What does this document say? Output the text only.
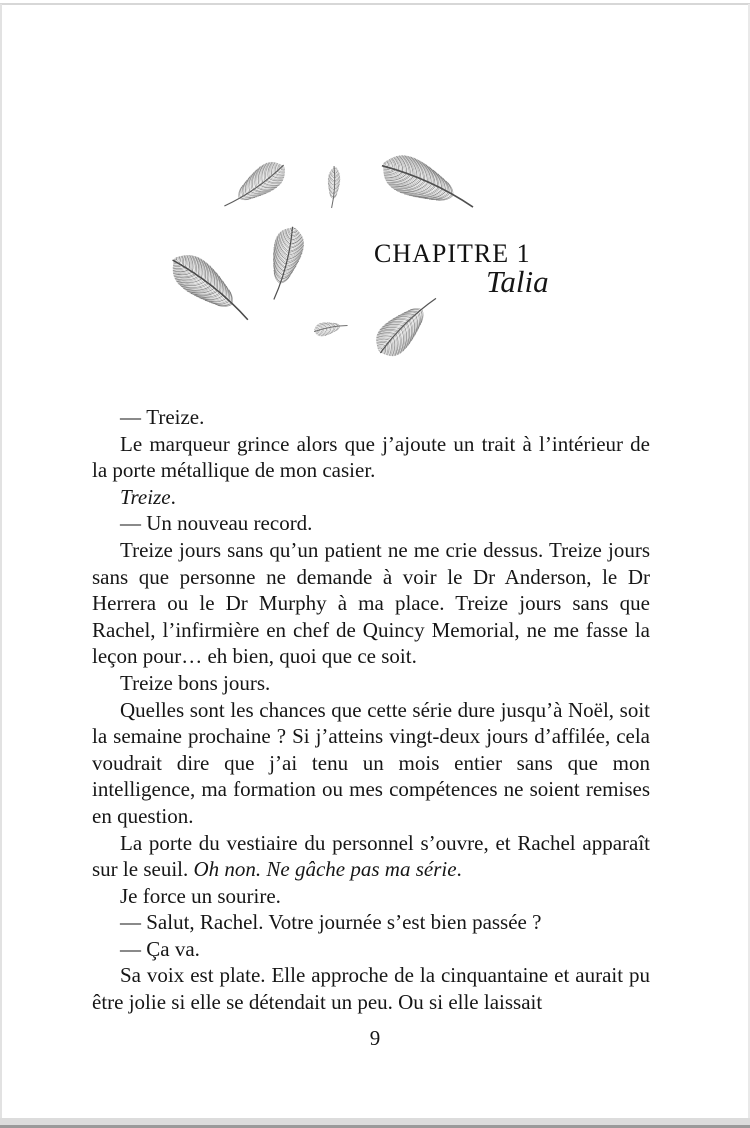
CHAPITRE 1
Talia

— Treize.

Le marqueur grince alors que j’ajoute un trait à l’intérieur de la porte métallique de mon casier.

Treize.

— Un nouveau record.

Treize jours sans qu’un patient ne me crie dessus. Treize jours sans que personne ne demande à voir le Dr Anderson, le Dr Herrera ou le Dr Murphy à ma place. Treize jours sans que Rachel, l’infirmière en chef de Quincy Memorial, ne me fasse la leçon pour… eh bien, quoi que ce soit.

Treize bons jours.

Quelles sont les chances que cette série dure jusqu’à Noël, soit la semaine prochaine ? Si j’atteins vingt-deux jours d’affilée, cela voudrait dire que j’ai tenu un mois entier sans que mon intelligence, ma formation ou mes compétences ne soient remises en question.

La porte du vestiaire du personnel s’ouvre, et Rachel apparaît sur le seuil. Oh non. Ne gâche pas ma série.

Je force un sourire.

— Salut, Rachel. Votre journée s’est bien passée ?

— Ça va.

Sa voix est plate. Elle approche de la cinquantaine et aurait pu être jolie si elle se détendait un peu. Ou si elle laissait

9
